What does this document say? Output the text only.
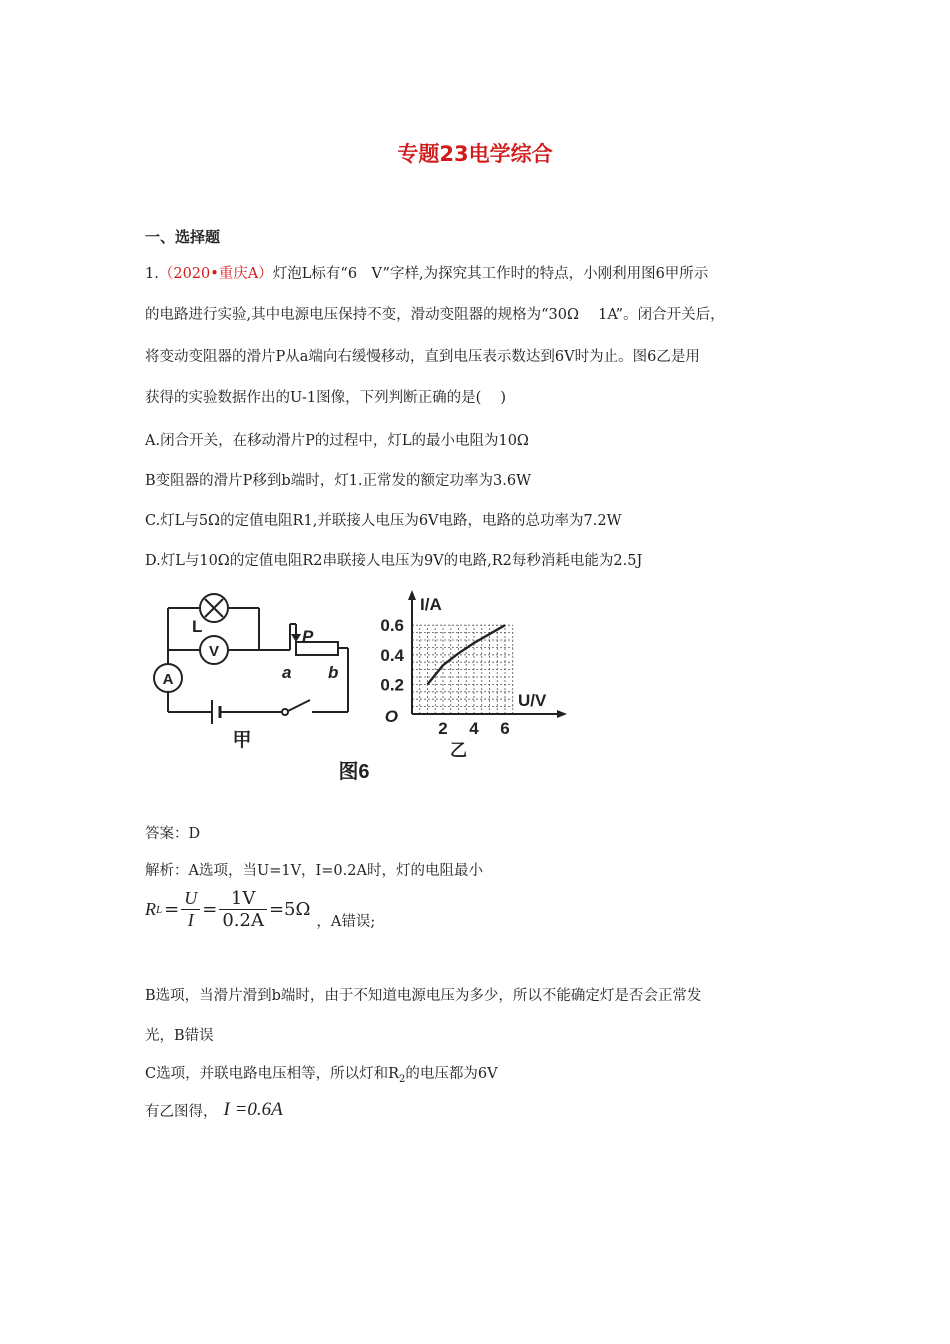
专题23电学综合
一、选择题
1.（2020•重庆A）灯泡L标有“6　V”字样,为探究其工作时的特点，小刚利用图6甲所示
的电路进行实验,其中电源电压保持不变，滑动变阻器的规格为“30Ω　 1A”。闭合开关后，
将变动变阻器的滑片P从a端向右缓慢移动，直到电压表示数达到6V时为止。图6乙是用
获得的实验数据作出的U-1图像，下列判断正确的是(　 )
A.闭合开关，在移动滑片P的过程中，灯L的最小电阻为10Ω
B变阻器的滑片P移到b端时，灯1.正常发的额定功率为3.6W
C.灯L与5Ω的定值电阻R1,并联接人电压为6V电路，电路的总功率为7.2W
D.灯L与10Ω的定值电阻R2串联接人电压为9V的电路,R2每秒消耗电能为2.5J
L
V
A
P
a b
甲
图6
0.6
0.4
0.2
2 4 6
O
I/A
U/V
乙
答案：D
解析：A选项，当U=1V，I=0.2A时，灯的电阻最小
R $L = \frac{U}{I} = \frac{1V}{0.2A} =5\Omega$
，A错误;
B选项，当滑片滑到b端时，由于不知道电源电压为多少，所以不能确定灯是否会正常发
光，B错误
C选项，并联电路电压相等，所以灯和$R_2$的电压都为6V
有乙图得， I =0.6A
